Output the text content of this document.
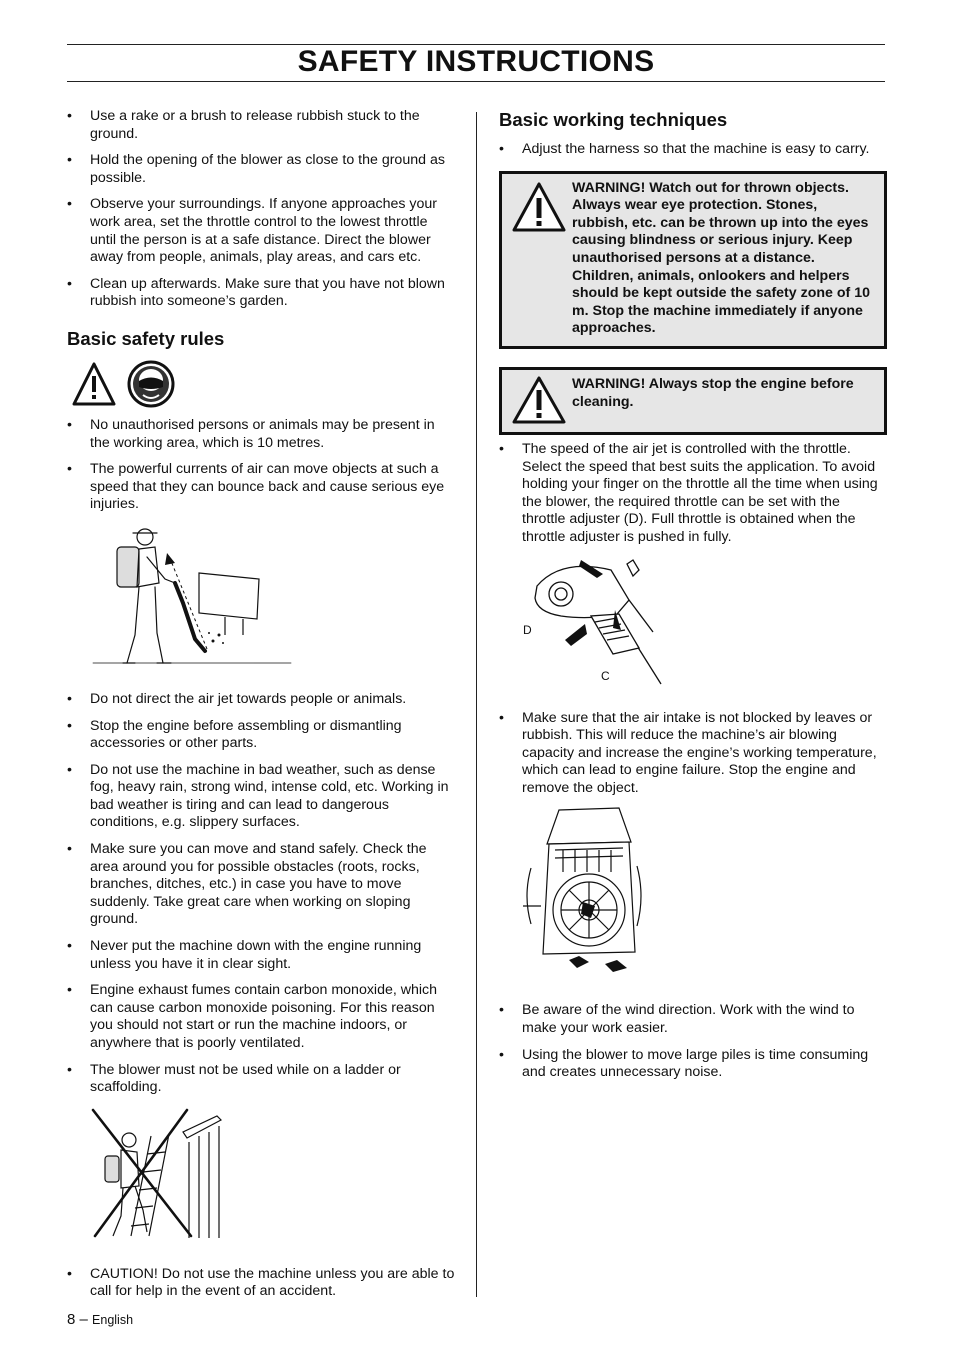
SAFETY INSTRUCTIONS
• Use a rake or a brush to release rubbish stuck to the ground.
• Hold the opening of the blower as close to the ground as possible.
• Observe your surroundings. If anyone approaches your work area, set the throttle control to the lowest throttle until the person is at a safe distance. Direct the blower away from people, animals, play areas, and cars etc.
• Clean up afterwards. Make sure that you have not blown rubbish into someone’s garden.
Basic safety rules
• No unauthorised persons or animals may be present in the working area, which is 10 metres.
• The powerful currents of air can move objects at such a speed that they can bounce back and cause serious eye injuries.
• Do not direct the air jet towards people or animals.
• Stop the engine before assembling or dismantling accessories or other parts.
• Do not use the machine in bad weather, such as dense fog, heavy rain, strong wind, intense cold, etc. Working in bad weather is tiring and can lead to dangerous conditions, e.g. slippery surfaces.
• Make sure you can move and stand safely. Check the area around you for possible obstacles (roots, rocks, branches, ditches, etc.) in case you have to move suddenly. Take great care when working on sloping ground.
• Never put the machine down with the engine running unless you have it in clear sight.
• Engine exhaust fumes contain carbon monoxide, which can cause carbon monoxide poisoning. For this reason you should not start or run the machine indoors, or anywhere that is poorly ventilated.
• The blower must not be used while on a ladder or scaffolding.
• CAUTION! Do not use the machine unless you are able to call for help in the event of an accident.
Basic working techniques
• Adjust the harness so that the machine is easy to carry.
WARNING! Watch out for thrown objects. Always wear eye protection. Stones, rubbish, etc. can be thrown up into the eyes causing blindness or serious injury. Keep unauthorised persons at a distance. Children, animals, onlookers and helpers should be kept outside the safety zone of 10 m. Stop the machine immediately if anyone approaches.
WARNING! Always stop the engine before cleaning.
• The speed of the air jet is controlled with the throttle. Select the speed that best suits the application. To avoid holding your finger on the throttle all the time when using the blower, the required throttle can be set with the throttle adjuster (D). Full throttle is obtained when the throttle adjuster is pushed in fully.
D
C
• Make sure that the air intake is not blocked by leaves or rubbish. This will reduce the machine’s air blowing capacity and increase the engine’s working temperature, which can lead to engine failure. Stop the engine and remove the object.
• Be aware of the wind direction. Work with the wind to make your work easier.
• Using the blower to move large piles is time consuming and creates unnecessary noise.
8 – English
